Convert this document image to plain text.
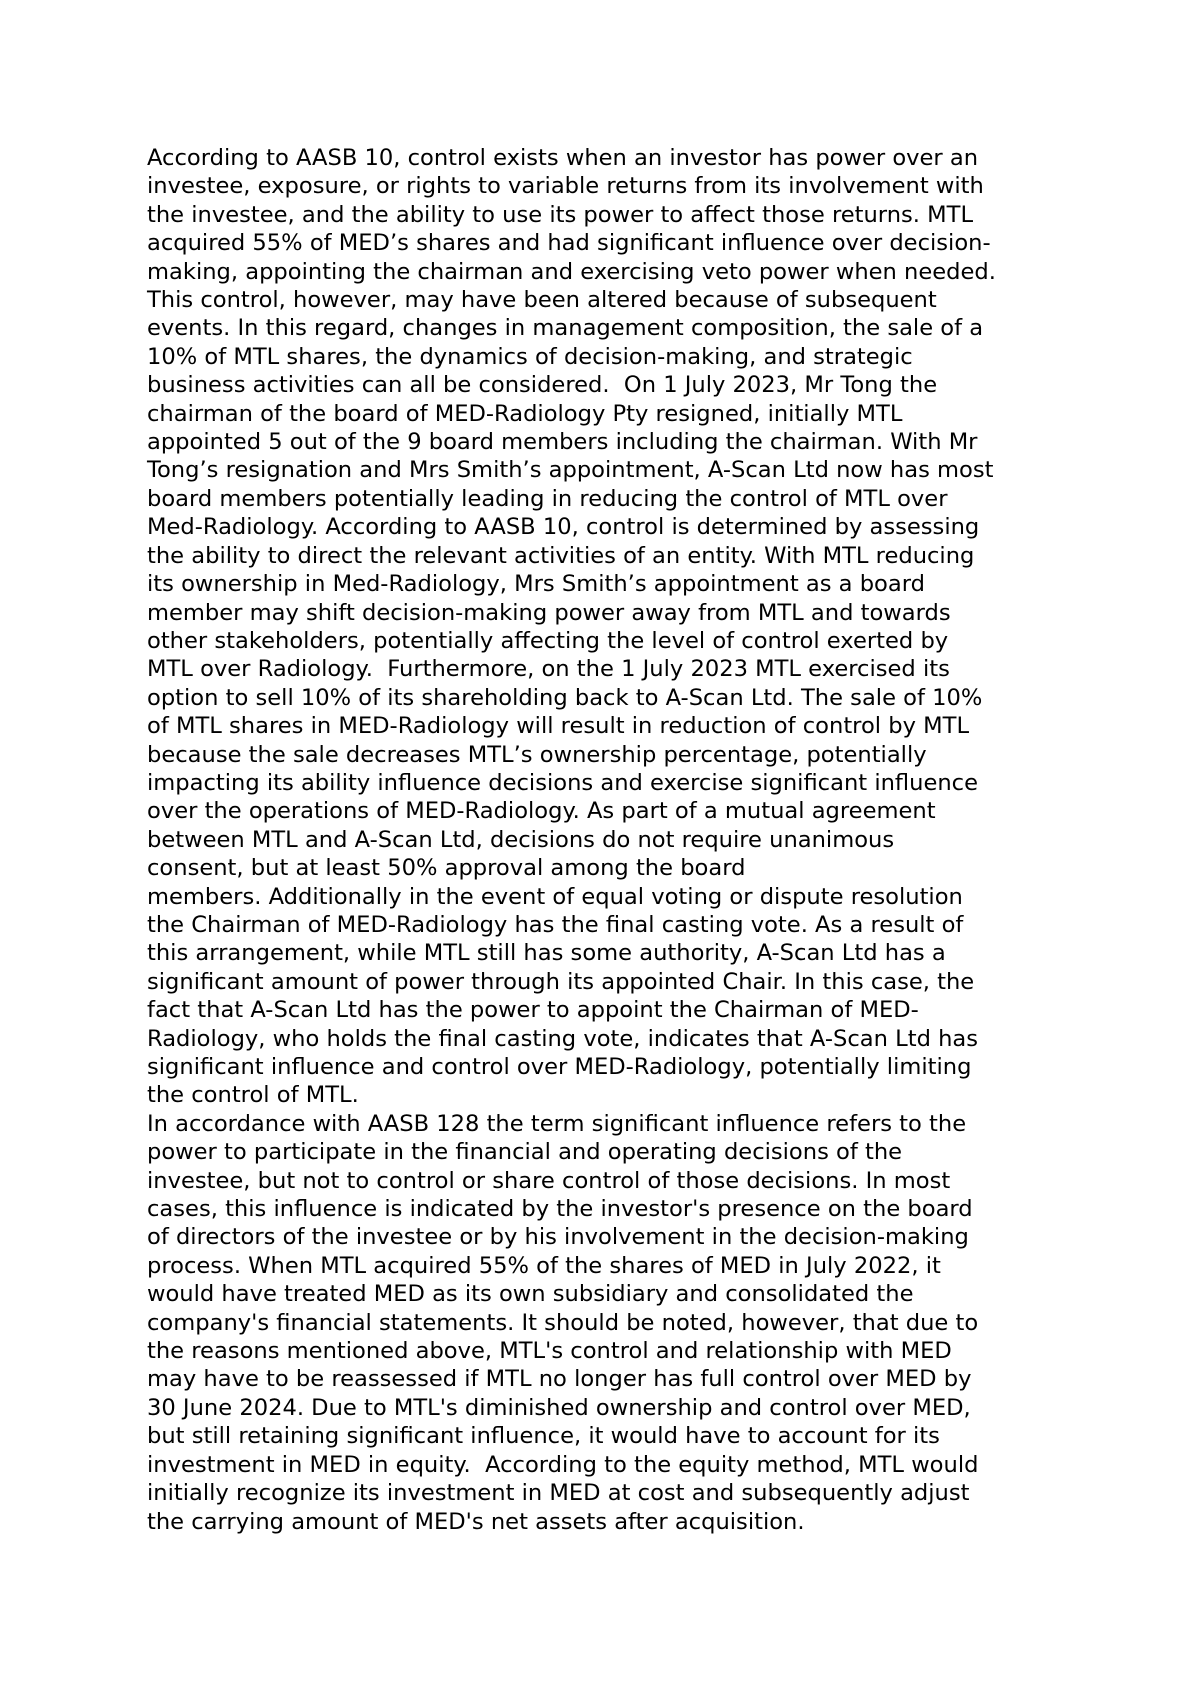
According to AASB 10, control exists when an investor has power over an
investee, exposure, or rights to variable returns from its involvement with
the investee, and the ability to use its power to affect those returns. MTL
acquired 55% of MED’s shares and had significant influence over decision-
making, appointing the chairman and exercising veto power when needed.
This control, however, may have been altered because of subsequent
events. In this regard, changes in management composition, the sale of a
10% of MTL shares, the dynamics of decision-making, and strategic
business activities can all be considered.  On 1 July 2023, Mr Tong the
chairman of the board of MED-Radiology Pty resigned, initially MTL
appointed 5 out of the 9 board members including the chairman. With Mr
Tong’s resignation and Mrs Smith’s appointment, A-Scan Ltd now has most
board members potentially leading in reducing the control of MTL over
Med-Radiology. According to AASB 10, control is determined by assessing
the ability to direct the relevant activities of an entity. With MTL reducing
its ownership in Med-Radiology, Mrs Smith’s appointment as a board
member may shift decision-making power away from MTL and towards
other stakeholders, potentially affecting the level of control exerted by
MTL over Radiology.  Furthermore, on the 1 July 2023 MTL exercised its
option to sell 10% of its shareholding back to A-Scan Ltd. The sale of 10%
of MTL shares in MED-Radiology will result in reduction of control by MTL
because the sale decreases MTL’s ownership percentage, potentially
impacting its ability influence decisions and exercise significant influence
over the operations of MED-Radiology. As part of a mutual agreement
between MTL and A-Scan Ltd, decisions do not require unanimous
consent, but at least 50% approval among the board
members. Additionally in the event of equal voting or dispute resolution
the Chairman of MED-Radiology has the final casting vote. As a result of
this arrangement, while MTL still has some authority, A-Scan Ltd has a
significant amount of power through its appointed Chair. In this case, the
fact that A-Scan Ltd has the power to appoint the Chairman of MED-
Radiology, who holds the final casting vote, indicates that A-Scan Ltd has
significant influence and control over MED-Radiology, potentially limiting
the control of MTL.
In accordance with AASB 128 the term significant influence refers to the
power to participate in the financial and operating decisions of the
investee, but not to control or share control of those decisions. In most
cases, this influence is indicated by the investor's presence on the board
of directors of the investee or by his involvement in the decision-making
process. When MTL acquired 55% of the shares of MED in July 2022, it
would have treated MED as its own subsidiary and consolidated the
company's financial statements. It should be noted, however, that due to
the reasons mentioned above, MTL's control and relationship with MED
may have to be reassessed if MTL no longer has full control over MED by
30 June 2024. Due to MTL's diminished ownership and control over MED,
but still retaining significant influence, it would have to account for its
investment in MED in equity.  According to the equity method, MTL would
initially recognize its investment in MED at cost and subsequently adjust
the carrying amount of MED's net assets after acquisition.
